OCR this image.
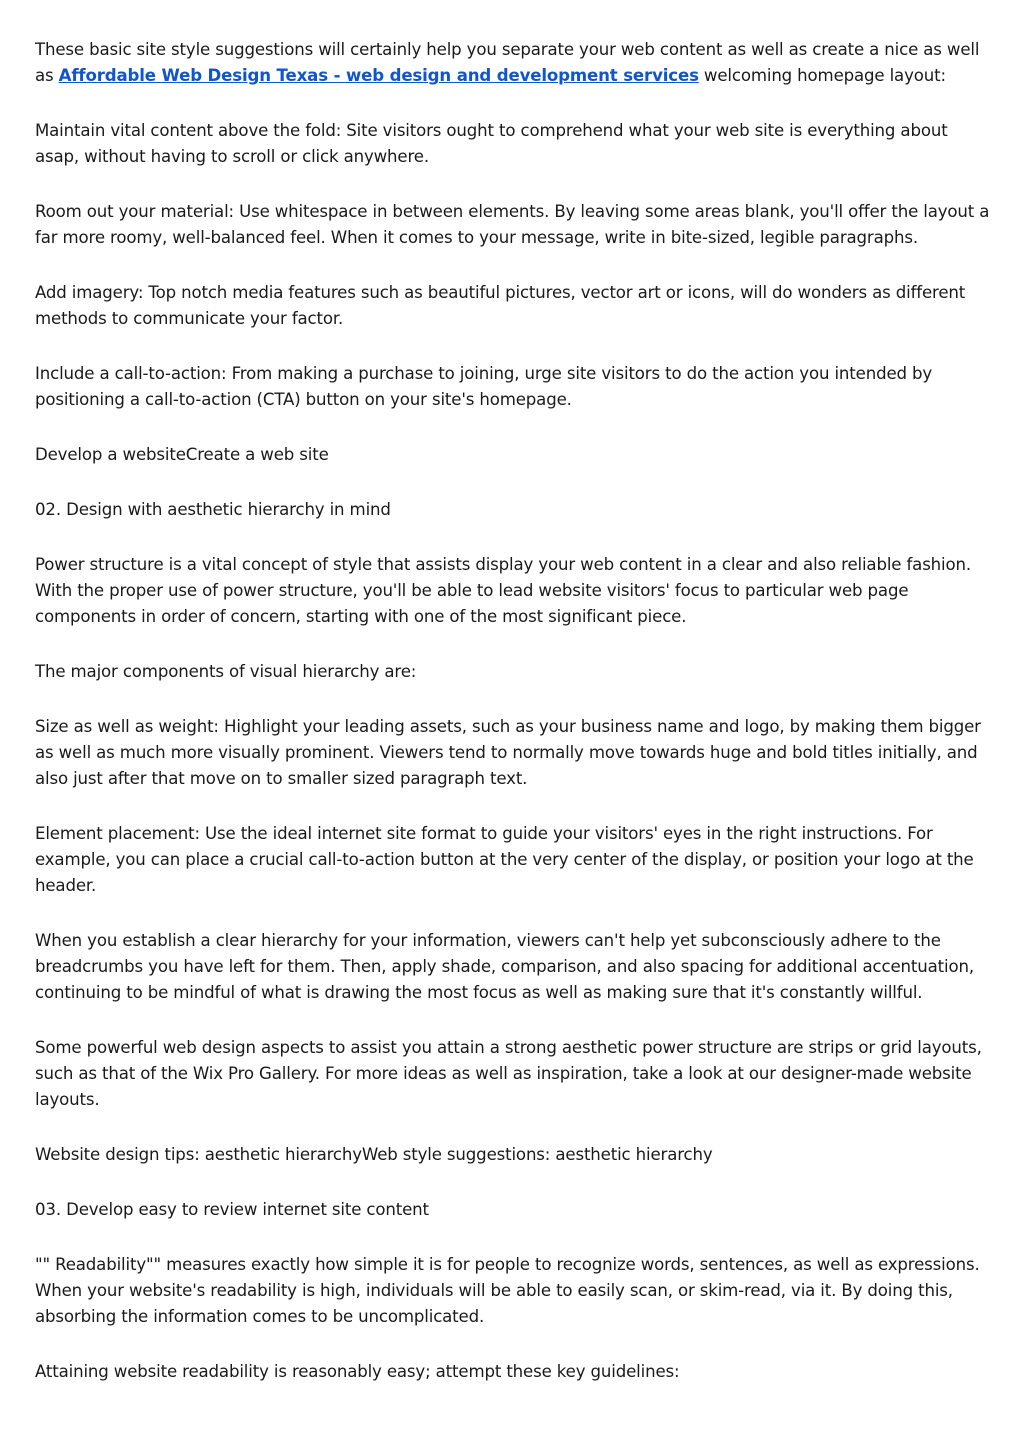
These basic site style suggestions will certainly help you separate your web content as well as create a nice as well as Affordable Web Design Texas - web design and development services welcoming homepage layout:

Maintain vital content above the fold: Site visitors ought to comprehend what your web site is everything about asap, without having to scroll or click anywhere.

Room out your material: Use whitespace in between elements. By leaving some areas blank, you'll offer the layout a far more roomy, well-balanced feel. When it comes to your message, write in bite-sized, legible paragraphs.

Add imagery: Top notch media features such as beautiful pictures, vector art or icons, will do wonders as different methods to communicate your factor.

Include a call-to-action: From making a purchase to joining, urge site visitors to do the action you intended by positioning a call-to-action (CTA) button on your site's homepage.

Develop a websiteCreate a web site

02. Design with aesthetic hierarchy in mind

Power structure is a vital concept of style that assists display your web content in a clear and also reliable fashion. With the proper use of power structure, you'll be able to lead website visitors' focus to particular web page components in order of concern, starting with one of the most significant piece.

The major components of visual hierarchy are:

Size as well as weight: Highlight your leading assets, such as your business name and logo, by making them bigger as well as much more visually prominent. Viewers tend to normally move towards huge and bold titles initially, and also just after that move on to smaller sized paragraph text.

Element placement: Use the ideal internet site format to guide your visitors' eyes in the right instructions. For example, you can place a crucial call-to-action button at the very center of the display, or position your logo at the header.

When you establish a clear hierarchy for your information, viewers can't help yet subconsciously adhere to the breadcrumbs you have left for them. Then, apply shade, comparison, and also spacing for additional accentuation, continuing to be mindful of what is drawing the most focus as well as making sure that it's constantly willful.

Some powerful web design aspects to assist you attain a strong aesthetic power structure are strips or grid layouts, such as that of the Wix Pro Gallery. For more ideas as well as inspiration, take a look at our designer-made website layouts.

Website design tips: aesthetic hierarchyWeb style suggestions: aesthetic hierarchy

03. Develop easy to review internet site content

"" Readability"" measures exactly how simple it is for people to recognize words, sentences, as well as expressions. When your website's readability is high, individuals will be able to easily scan, or skim-read, via it. By doing this, absorbing the information comes to be uncomplicated.

Attaining website readability is reasonably easy; attempt these key guidelines:
